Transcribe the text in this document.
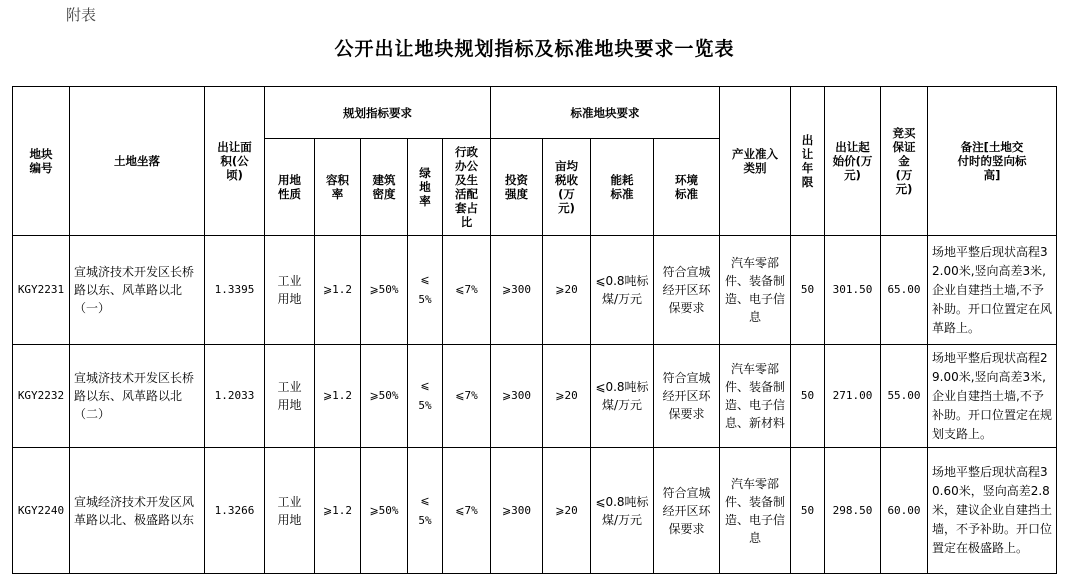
附表
公开出让地块规划指标及标准地块要求一览表
地块编号	土地坐落	出让面积(公顷)	规划指标要求					标准地块要求				产业准入类别	出让年限	出让起始价(万元)	竞买保证金(万元)	备注[土地交付时的竖向标高]

			用地性质	容积率	建筑密度	绿地率	行政办公及生活配套占比	投资强度	亩均税收(万元)	能耗标准	环境标准					

KGY2231	宣城济技术开发区长桥路以东、风革路以北（一）	1.3395	工业用地	⩾1.2	⩾50%	⩽5%	⩽7%	⩾300	⩾20	⩽0.8吨标煤/万元	符合宣城经开区环保要求	汽车零部件、装备制造、电子信息	50	301.50	65.00	场地平整后现状高程32.00米,竖向高差3米,企业自建挡土墙,不予补助。开口位置定在风革路上。
KGY2232	宣城济技术开发区长桥路以东、风革路以北（二）	1.2033	工业用地	⩾1.2	⩾50%	⩽5%	⩽7%	⩾300	⩾20	⩽0.8吨标煤/万元	符合宣城经开区环保要求	汽车零部件、装备制造、电子信息、新材料	50	271.00	55.00	场地平整后现状高程29.00米,竖向高差3米,企业自建挡土墙,不予补助。开口位置定在规划支路上。
KGY2240	宣城经济技术开发区风革路以北、极盛路以东	1.3266	工业用地	⩾1.2	⩾50%	⩽5%	⩽7%	⩾300	⩾20	⩽0.8吨标煤/万元	符合宣城经开区环保要求	汽车零部件、装备制造、电子信息	50	298.50	60.00	场地平整后现状高程30.60米，竖向高差2.8米，建议企业自建挡土墙，不予补助。开口位置定在极盛路上。
